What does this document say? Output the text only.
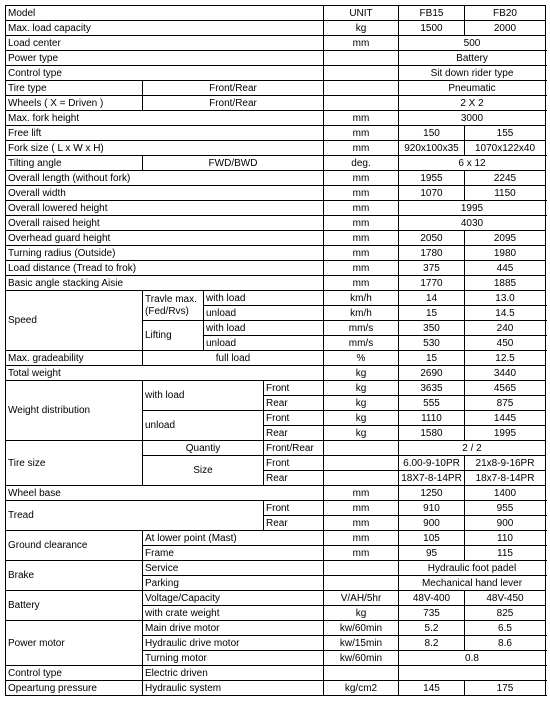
Model				UNIT	FB15	FB20	
Max. load capacity				kg	1500	2000	
Load center				mm	500		
Power type					Battery		
Control type					Sit down rider type		
Tire type	Front/Rear				Pneumatic		
Wheels ( X = Driven )	Front/Rear				2 X 2		
Max. fork height				mm	3000		
Free lift				mm	150	155	
Fork size ( L x W x H)				mm	920x100x35	1070x122x40	
Tilting angle	FWD/BWD			deg.	6 x 12		
Overall length (without fork)				mm	1955	2245	
Overall width				mm	1070	1150	
Overall lowered height				mm	1995		
Overall raised height				mm	4030		
Overhead guard height				mm	2050	2095	
Turning radius (Outside)				mm	1780	1980	
Load distance (Tread to frok)				mm	375	445	
Basic angle stacking Aisie				mm	1770	1885	
Speed	Travle max. (Fed/Rvs)	with load		km/h	14	13.0	
		unload		km/h	15	14.5	
	Lifting	with load		mm/s	350	240	
		unload		mm/s	530	450	
Max. gradeability	full load			%	15	12.5	
Total weight				kg	2690	3440	
Weight distribution	with load		Front	kg	3635	4565	
			Rear	kg	555	875	
	unload		Front	kg	1110	1445	
			Rear	kg	1580	1995	
Tire size	Quantiy		Front/Rear		2 / 2		
	Size		Front		6.00-9-10PR	21x8-9-16PR	
			Rear		18X7-8-14PR	18x7-8-14PR	
Wheel base				mm	1250	1400	
Tread			Front	mm	910	955	
			Rear	mm	900	900	
Ground clearance	At lower point (Mast)			mm	105	110	
	Frame			mm	95	115	
Brake	Service				Hydraulic foot padel		
	Parking				Mechanical hand lever		
Battery	Voltage/Capacity			V/AH/5hr	48V-400	48V-450	
	with crate weight			kg	735	825	
Power motor	Main drive motor			kw/60min	5.2	6.5	
	Hydraulic drive motor			kw/15min	8.2	8.6	
	Turning motor			kw/60min	0.8		
Control type	Electric driven						
Opeartung pressure	Hydraulic system			kg/cm2	145	175	
